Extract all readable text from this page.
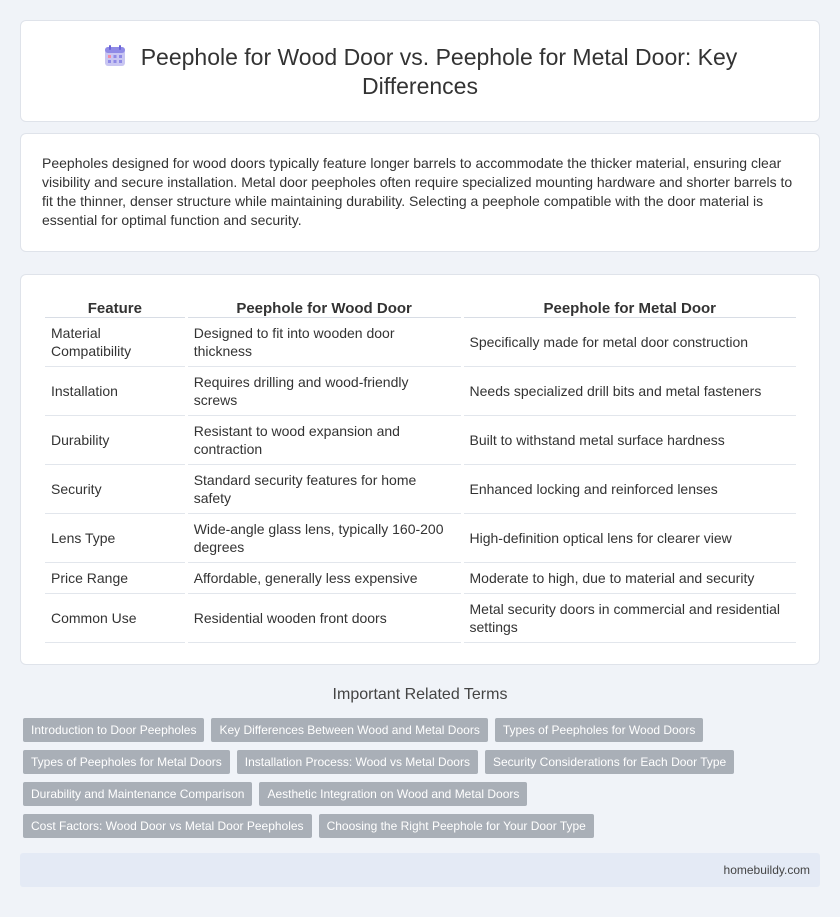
Peephole for Wood Door vs. Peephole for Metal Door: Key Differences

Peepholes designed for wood doors typically feature longer barrels to accommodate the thicker material, ensuring clear visibility and secure installation. Metal door peepholes often require specialized mounting hardware and shorter barrels to fit the thinner, denser structure while maintaining durability. Selecting a peephole compatible with the door material is essential for optimal function and security.

Feature	Peephole for Wood Door	Peephole for Metal Door
Material Compatibility	Designed to fit into wooden door thickness	Specifically made for metal door construction
Installation	Requires drilling and wood-friendly screws	Needs specialized drill bits and metal fasteners
Durability	Resistant to wood expansion and contraction	Built to withstand metal surface hardness
Security	Standard security features for home safety	Enhanced locking and reinforced lenses
Lens Type	Wide-angle glass lens, typically 160-200 degrees	High-definition optical lens for clearer view
Price Range	Affordable, generally less expensive	Moderate to high, due to material and security
Common Use	Residential wooden front doors	Metal security doors in commercial and residential settings
Important Related Terms
Introduction to Door Peepholes	Key Differences Between Wood and Metal Doors	Types of Peepholes for Wood Doors
Types of Peepholes for Metal Doors	Installation Process: Wood vs Metal Doors	Security Considerations for Each Door Type
Durability and Maintenance Comparison	Aesthetic Integration on Wood and Metal Doors
Cost Factors: Wood Door vs Metal Door Peepholes	Choosing the Right Peephole for Your Door Type
homebuildy.com
